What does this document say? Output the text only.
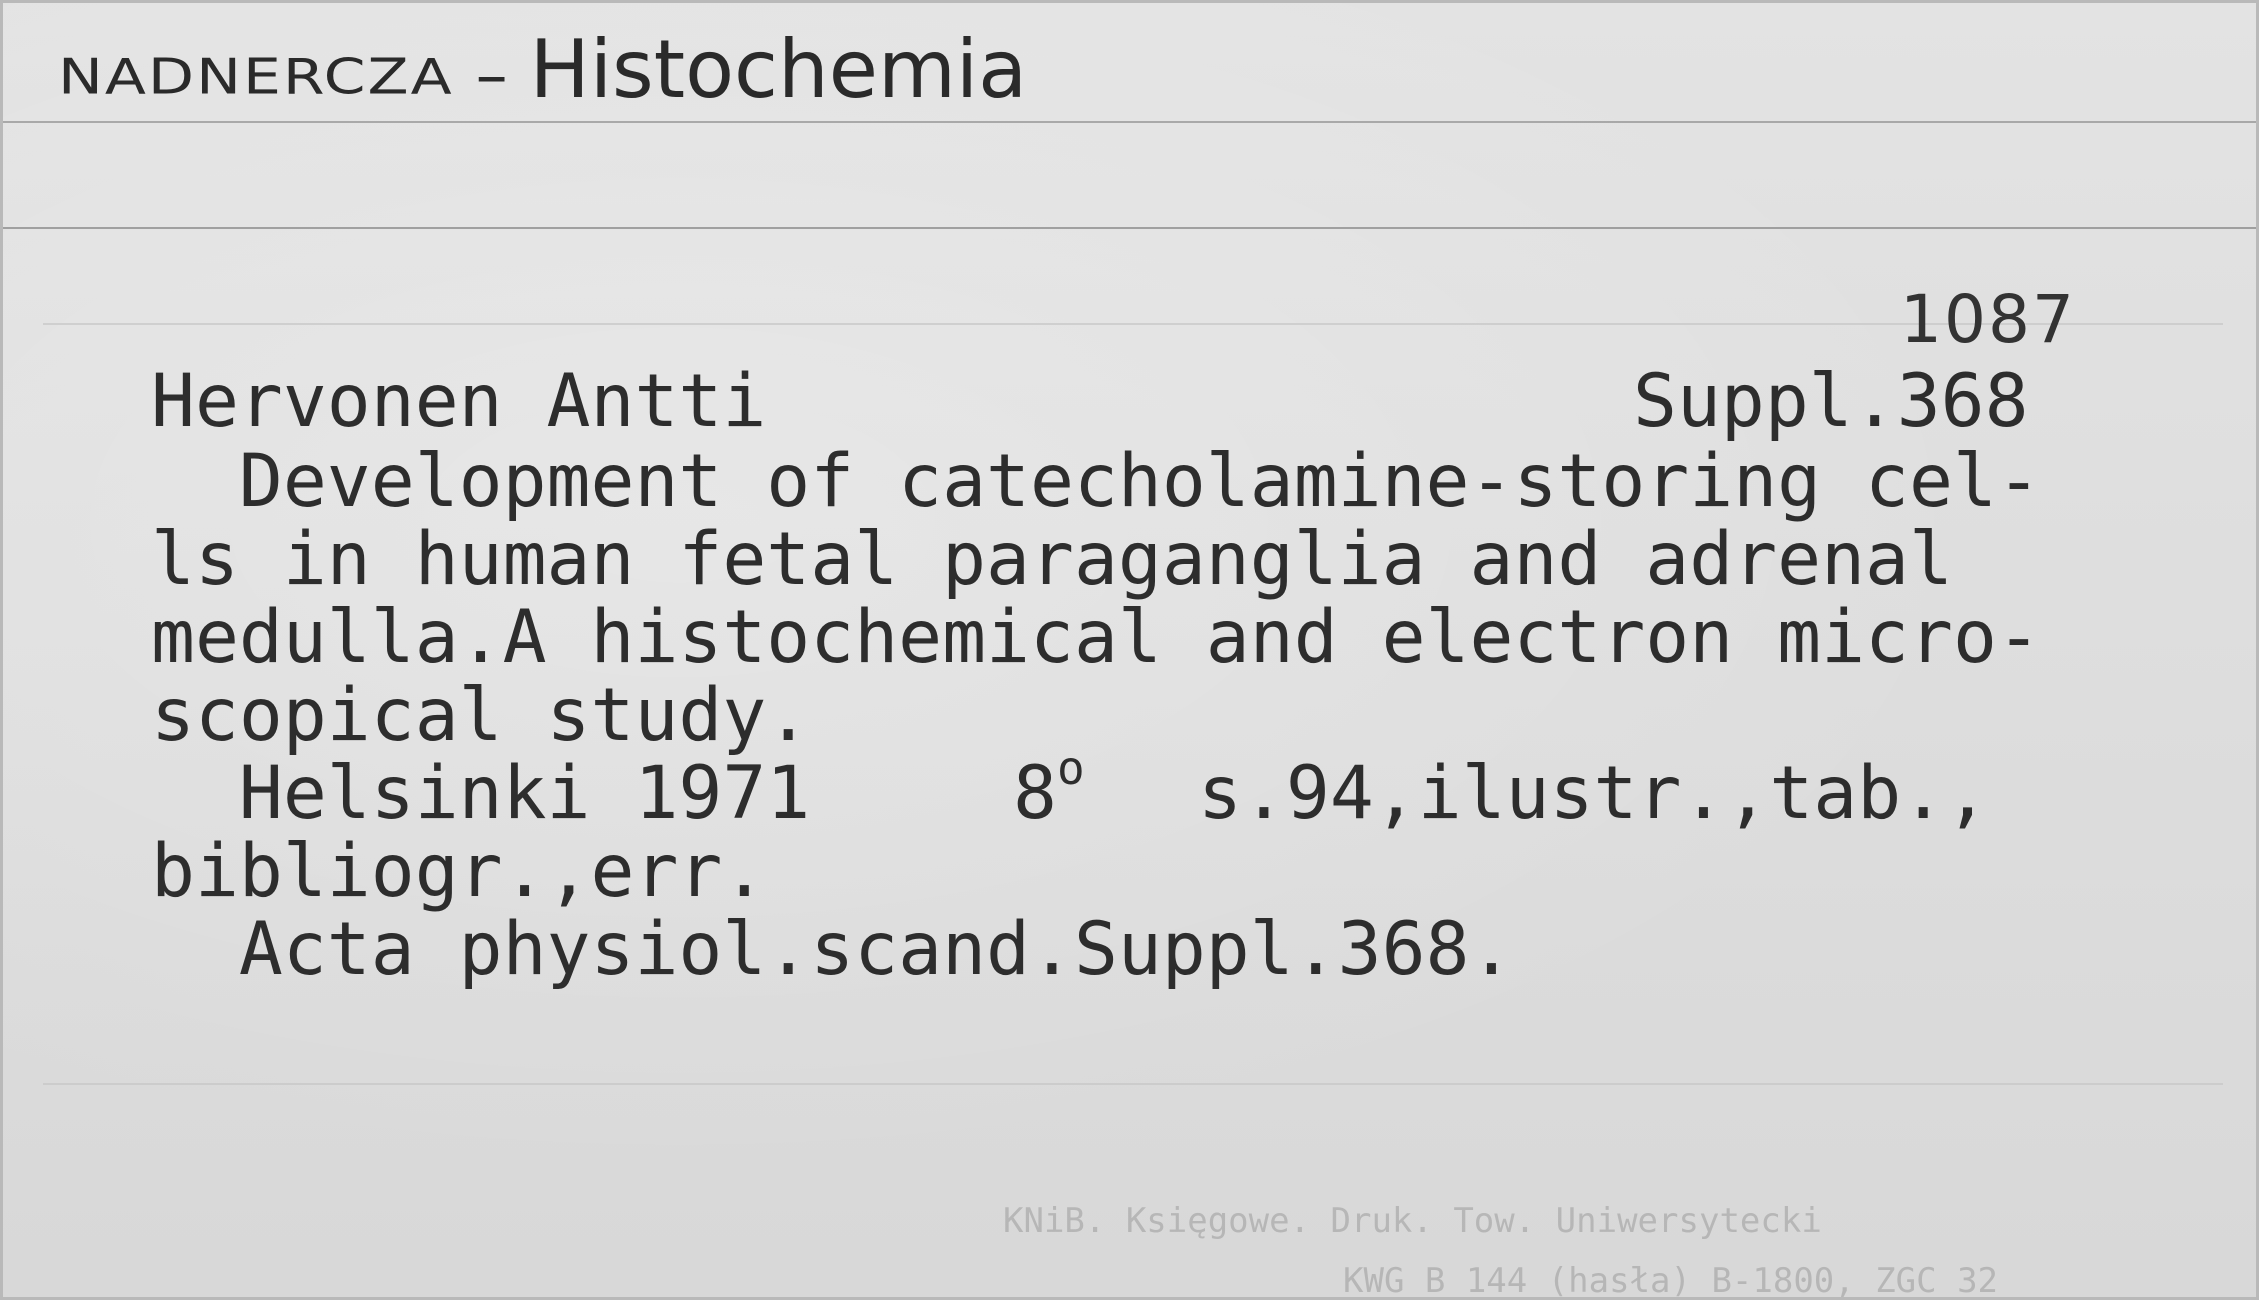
NADNERCZA – Histochemia
1087
Hervonen Antti	Suppl.368
Development of catecholamine-storing cel-
ls in human fetal paraganglia and adrenal
medulla.A histochemical and electron micro-
scopical study.
Helsinki 1971	8$^o$ s.94,ilustr.,tab.,
bibliogr.,err.
Acta physiol.scand.Suppl.368.
KNiB. Księgowe. Druk. Tow. Uniwersytecki
KWG B 144 (hasła) B-1800, ZGC 32
